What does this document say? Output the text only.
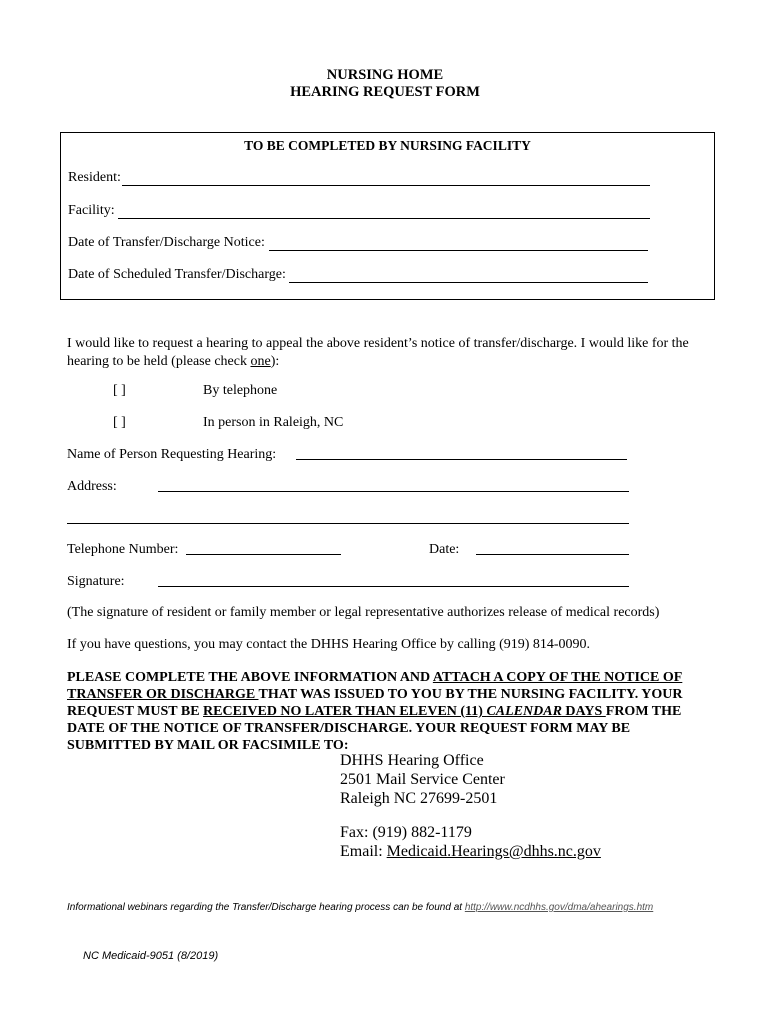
NURSING HOME
HEARING REQUEST FORM
TO BE COMPLETED BY NURSING FACILITY
Resident:
Facility:
Date of Transfer/Discharge Notice:
Date of Scheduled Transfer/Discharge:
I would like to request a hearing to appeal the above resident’s notice of transfer/discharge. I would like for the
hearing to be held (please check one):
[ ]	By telephone
[ ]	In person in Raleigh, NC
Name of Person Requesting Hearing:
Address:
Telephone Number:	Date:
Signature:
(The signature of resident or family member or legal representative authorizes release of medical records)
If you have questions, you may contact the DHHS Hearing Office by calling (919) 814-0090.
PLEASE COMPLETE THE ABOVE INFORMATION AND ATTACH A COPY OF THE NOTICE OF TRANSFER OR DISCHARGE THAT WAS ISSUED TO YOU BY THE NURSING FACILITY. YOUR REQUEST MUST BE RECEIVED NO LATER THAN ELEVEN (11) CALENDAR DAYS FROM THE DATE OF THE NOTICE OF TRANSFER/DISCHARGE. YOUR REQUEST FORM MAY BE SUBMITTED BY MAIL OR FACSIMILE TO:
DHHS Hearing Office
2501 Mail Service Center
Raleigh NC 27699-2501
Fax: (919) 882-1179
Email: Medicaid.Hearings@dhhs.nc.gov
Informational webinars regarding the Transfer/Discharge hearing process can be found at http://www.ncdhhs.gov/dma/ahearings.htm
NC Medicaid-9051 (8/2019)
